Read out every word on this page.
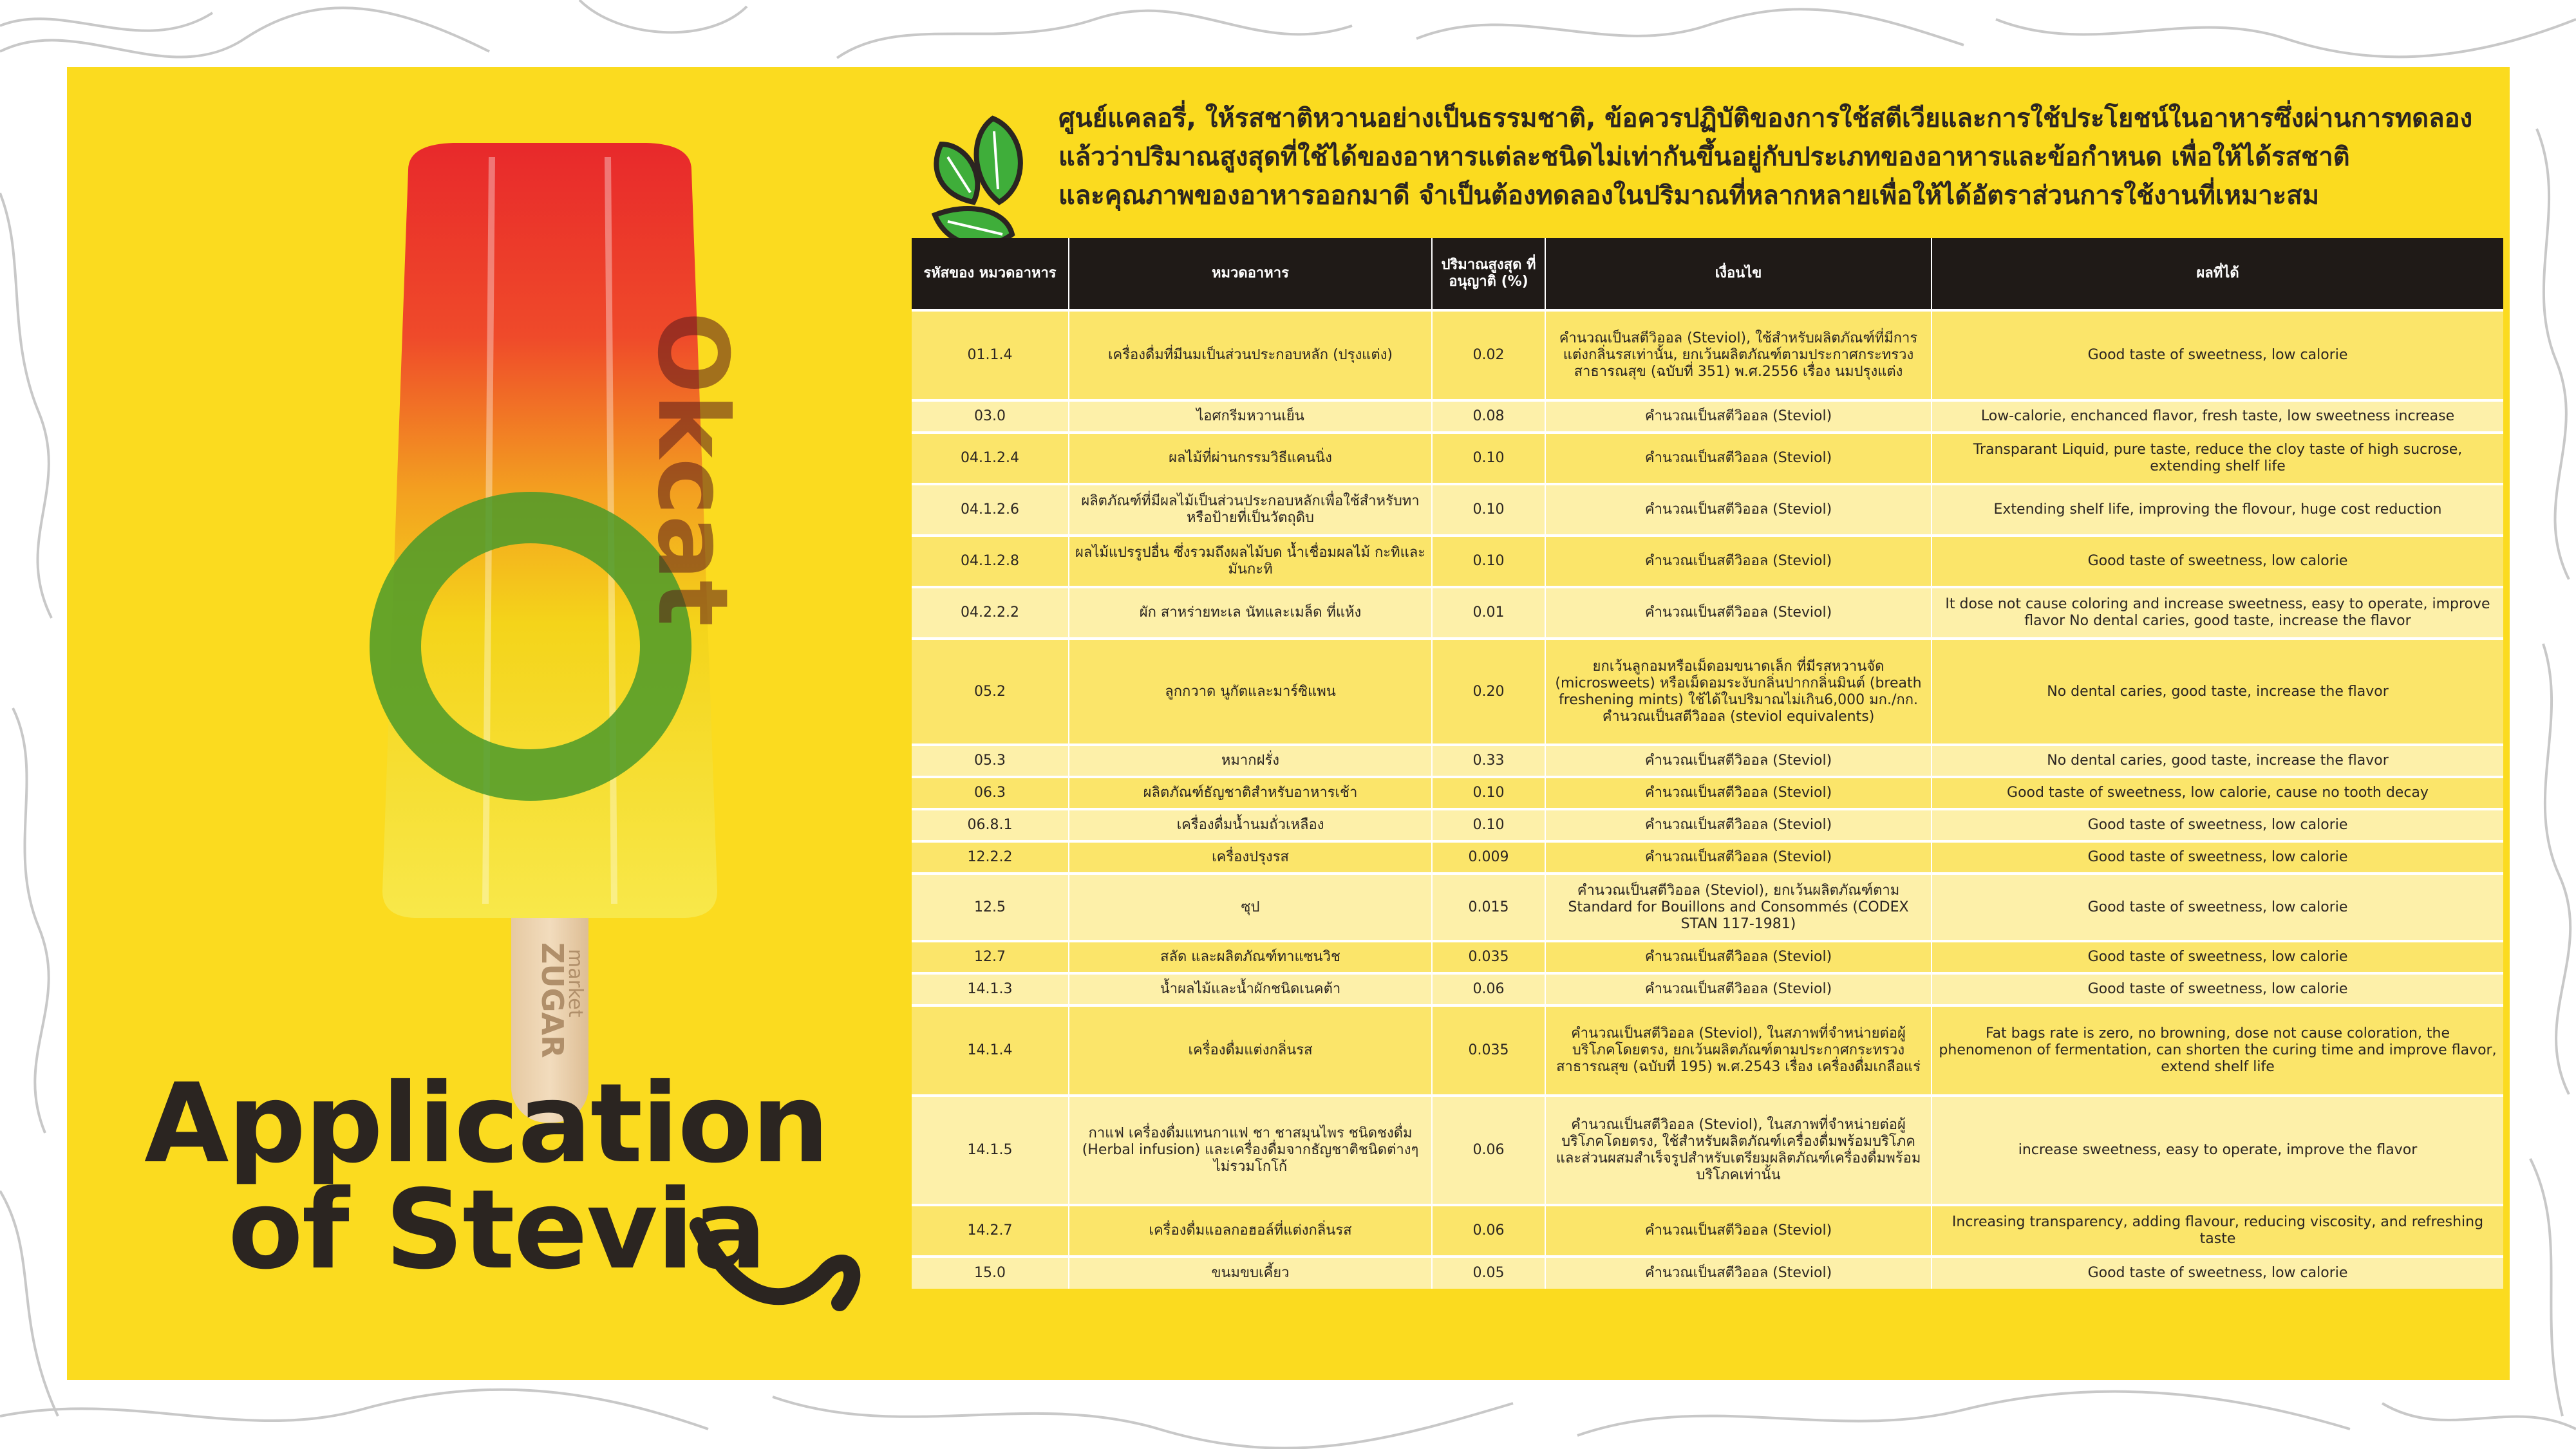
Okcat
ZUGAR
market
Application
of Stevia
ศูนย์แคลอรี่, ให้รสชาติหวานอย่างเป็นธรรมชาติ, ข้อควรปฏิบัติของการใช้สตีเวียและการใช้ประโยชน์ในอาหารซึ่งผ่านการทดลอง
แล้วว่าปริมาณสูงสุดที่ใช้ได้ของอาหารแต่ละชนิดไม่เท่ากันขึ้นอยู่กับประเภทของอาหารและข้อกำหนด เพื่อให้ได้รสชาติ
และคุณภาพของอาหารออกมาดี จำเป็นต้องทดลองในปริมาณที่หลากหลายเพื่อให้ได้อัตราส่วนการใช้งานที่เหมาะสม
รหัสของ หมวดอาหาร	หมวดอาหาร	ปริมาณสูงสุด ที่อนุญาติ (%)	เงื่อนไข	ผลที่ได้
01.1.4	เครื่องดื่มที่มีนมเป็นส่วนประกอบหลัก (ปรุงแต่ง)	0.02	คำนวณเป็นสตีวิออล (Steviol), ใช้สำหรับผลิตภัณฑ์ที่มีการแต่งกลิ่นรสเท่านั้น, ยกเว้นผลิตภัณฑ์ตามประกาศกระทรวงสาธารณสุข (ฉบับที่ 351) พ.ศ.2556 เรื่อง นมปรุงแต่ง	Good taste of sweetness, low calorie
03.0	ไอศกรีมหวานเย็น	0.08	คำนวณเป็นสตีวิออล (Steviol)	Low-calorie, enchanced flavor, fresh taste, low sweetness increase
04.1.2.4	ผลไม้ที่ผ่านกรรมวิธีแคนนิ่ง	0.10	คำนวณเป็นสตีวิออล (Steviol)	Transparant Liquid, pure taste, reduce the cloy taste of high sucrose, extending shelf life
04.1.2.6	ผลิตภัณฑ์ที่มีผลไม้เป็นส่วนประกอบหลักเพื่อใช้สำหรับทาหรือป้ายที่เป็นวัตถุดิบ	0.10	คำนวณเป็นสตีวิออล (Steviol)	Extending shelf life, improving the flovour, huge cost reduction
04.1.2.8	ผลไม้แปรรูปอื่น ซึ่งรวมถึงผลไม้บด น้ำเชื่อมผลไม้ กะทิและมันกะทิ	0.10	คำนวณเป็นสตีวิออล (Steviol)	Good taste of sweetness, low calorie
04.2.2.2	ผัก สาหร่ายทะเล นัทและเมล็ด ที่แห้ง	0.01	คำนวณเป็นสตีวิออล (Steviol)	It dose not cause coloring and increase sweetness, easy to operate, improve flavor No dental caries, good taste, increase the flavor
05.2	ลูกกวาด นูกัตและมาร์ซิแพน	0.20	ยกเว้นลูกอมหรือเม็ดอมขนาดเล็ก ที่มีรสหวานจัด (microsweets) หรือเม็ดอมระงับกลิ่นปากกลิ่นมินต์ (breath freshening mints) ใช้ได้ในปริมาณไม่เกิน6,000 มก./กก. คำนวณเป็นสตีวิออล (steviol equivalents)	No dental caries, good taste, increase the flavor
05.3	หมากฝรั่ง	0.33	คำนวณเป็นสตีวิออล (Steviol)	No dental caries, good taste, increase the flavor
06.3	ผลิตภัณฑ์ธัญชาติสำหรับอาหารเช้า	0.10	คำนวณเป็นสตีวิออล (Steviol)	Good taste of sweetness, low calorie, cause no tooth decay
06.8.1	เครื่องดื่มน้ำนมถั่วเหลือง	0.10	คำนวณเป็นสตีวิออล (Steviol)	Good taste of sweetness, low calorie
12.2.2	เครื่องปรุงรส	0.009	คำนวณเป็นสตีวิออล (Steviol)	Good taste of sweetness, low calorie
12.5	ซุป	0.015	คำนวณเป็นสตีวิออล (Steviol), ยกเว้นผลิตภัณฑ์ตาม Standard for Bouillons and Consommés (CODEX STAN 117-1981)	Good taste of sweetness, low calorie
12.7	สลัด และผลิตภัณฑ์ทาแซนวิช	0.035	คำนวณเป็นสตีวิออล (Steviol)	Good taste of sweetness, low calorie
14.1.3	น้ำผลไม้และน้ำผักชนิดเนคต้า	0.06	คำนวณเป็นสตีวิออล (Steviol)	Good taste of sweetness, low calorie
14.1.4	เครื่องดื่มแต่งกลิ่นรส	0.035	คำนวณเป็นสตีวิออล (Steviol), ในสภาพที่จำหน่ายต่อผู้บริโภคโดยตรง, ยกเว้นผลิตภัณฑ์ตามประกาศกระทรวงสาธารณสุข (ฉบับที่ 195) พ.ศ.2543 เรื่อง เครื่องดื่มเกลือแร่	Fat bags rate is zero, no browning, dose not cause coloration, the phenomenon of fermentation, can shorten the curing time and improve flavor, extend shelf life
14.1.5	กาแฟ เครื่องดื่มแทนกาแฟ ชา ชาสมุนไพร ชนิดชงดื่ม (Herbal infusion) และเครื่องดื่มจากธัญชาติชนิดต่างๆ ไม่รวมโกโก้	0.06	คำนวณเป็นสตีวิออล (Steviol), ในสภาพที่จำหน่ายต่อผู้บริโภคโดยตรง, ใช้สำหรับผลิตภัณฑ์เครื่องดื่มพร้อมบริโภคและส่วนผสมสำเร็จรูปสำหรับเตรียมผลิตภัณฑ์เครื่องดื่มพร้อมบริโภคเท่านั้น	increase sweetness, easy to operate, improve the flavor
14.2.7	เครื่องดื่มแอลกอฮอล์ที่แต่งกลิ่นรส	0.06	คำนวณเป็นสตีวิออล (Steviol)	Increasing transparency, adding flavour, reducing viscosity, and refreshing taste
15.0	ขนมขบเคี้ยว	0.05	คำนวณเป็นสตีวิออล (Steviol)	Good taste of sweetness, low calorie
